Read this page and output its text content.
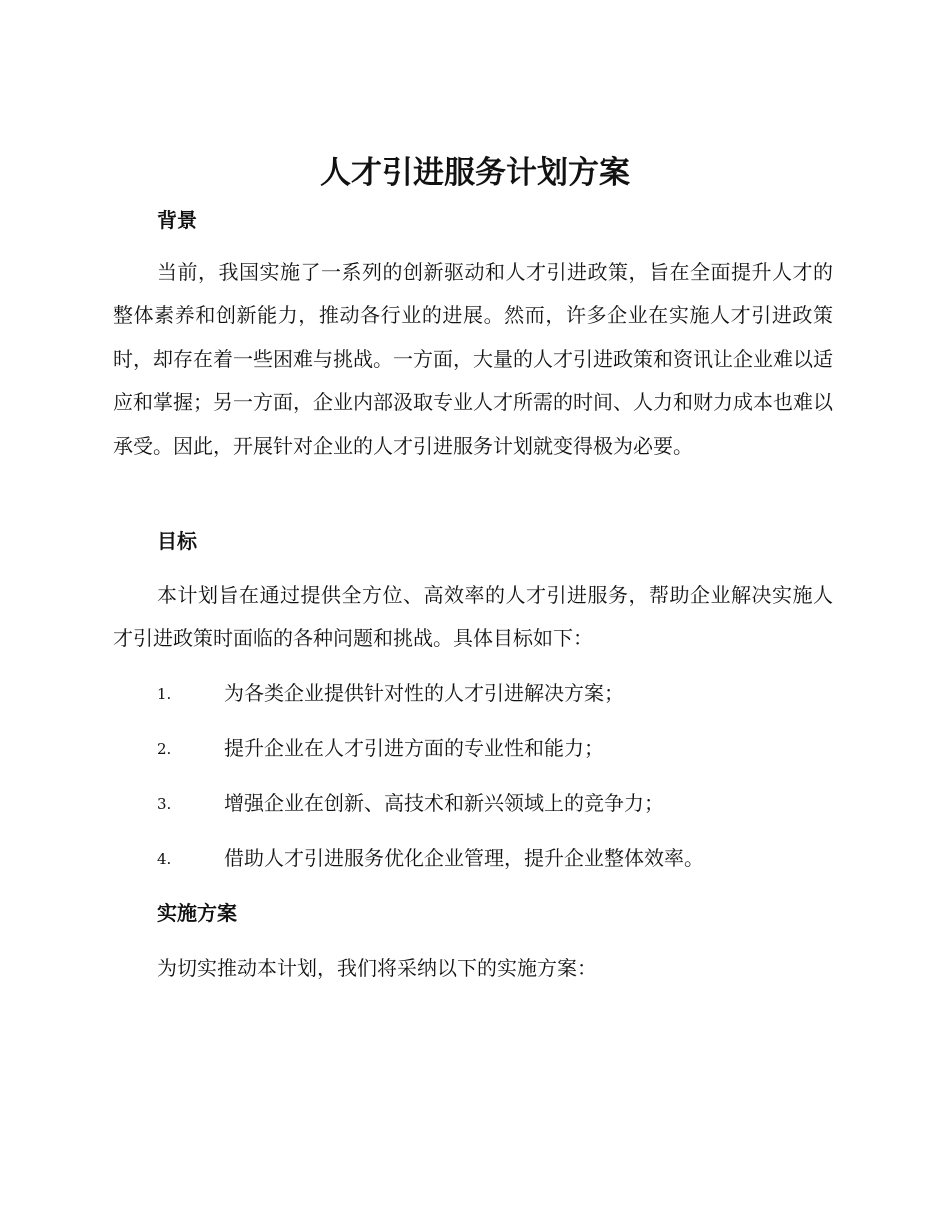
人才引进服务计划方案
背景

当前，我国实施了一系列的创新驱动和人才引进政策，旨在全面提升人才的整体素养和创新能力，推动各行业的进展。然而，许多企业在实施人才引进政策时，却存在着一些困难与挑战。一方面，大量的人才引进政策和资讯让企业难以适应和掌握；另一方面，企业内部汲取专业人才所需的时间、人力和财力成本也难以承受。因此，开展针对企业的人才引进服务计划就变得极为必要。

目标

本计划旨在通过提供全方位、高效率的人才引进服务，帮助企业解决实施人才引进政策时面临的各种问题和挑战。具体目标如下：

1.	为各类企业提供针对性的人才引进解决方案；
2.	提升企业在人才引进方面的专业性和能力；
3.	增强企业在创新、高技术和新兴领域上的竞争力；
4.	借助人才引进服务优化企业管理，提升企业整体效率。
实施方案

为切实推动本计划，我们将采纳以下的实施方案：
